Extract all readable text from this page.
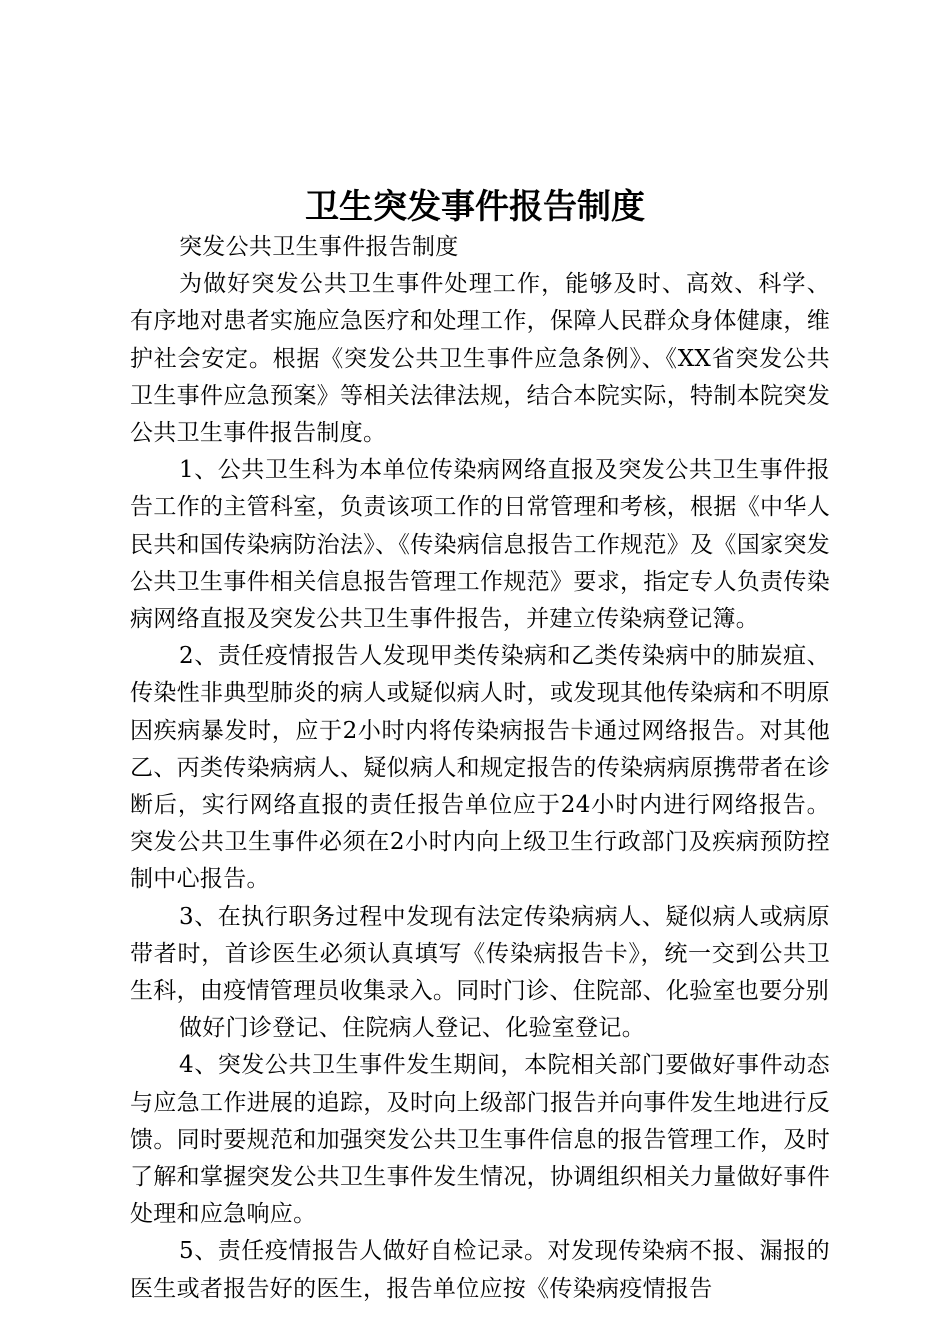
卫生突发事件报告制度

突发公共卫生事件报告制度

为做好突发公共卫生事件处理工作，能够及时、高效、科学、有序地对患者实施应急医疗和处理工作，保障人民群众身体健康，维护社会安定。根据《突发公共卫生事件应急条例》、《XX省突发公共卫生事件应急预案》等相关法律法规，结合本院实际，特制本院突发公共卫生事件报告制度。

1、公共卫生科为本单位传染病网络直报及突发公共卫生事件报告工作的主管科室，负责该项工作的日常管理和考核，根据《中华人民共和国传染病防治法》、《传染病信息报告工作规范》及《国家突发公共卫生事件相关信息报告管理工作规范》要求，指定专人负责传染病网络直报及突发公共卫生事件报告，并建立传染病登记簿。

2、责任疫情报告人发现甲类传染病和乙类传染病中的肺炭疽、传染性非典型肺炎的病人或疑似病人时，或发现其他传染病和不明原因疾病暴发时，应于2小时内将传染病报告卡通过网络报告。对其他乙、丙类传染病病人、疑似病人和规定报告的传染病病原携带者在诊断后，实行网络直报的责任报告单位应于24小时内进行网络报告。突发公共卫生事件必须在2小时内向上级卫生行政部门及疾病预防控制中心报告。

3、在执行职务过程中发现有法定传染病病人、疑似病人或病原带者时，首诊医生必须认真填写《传染病报告卡》，统一交到公共卫生科，由疫情管理员收集录入。同时门诊、住院部、化验室也要分别

做好门诊登记、住院病人登记、化验室登记。

4、突发公共卫生事件发生期间，本院相关部门要做好事件动态与应急工作进展的追踪，及时向上级部门报告并向事件发生地进行反馈。同时要规范和加强突发公共卫生事件信息的报告管理工作，及时了解和掌握突发公共卫生事件发生情况，协调组织相关力量做好事件处理和应急响应。

5、责任疫情报告人做好自检记录。对发现传染病不报、漏报的医生或者报告好的医生，报告单位应按《传染病疫情报告
